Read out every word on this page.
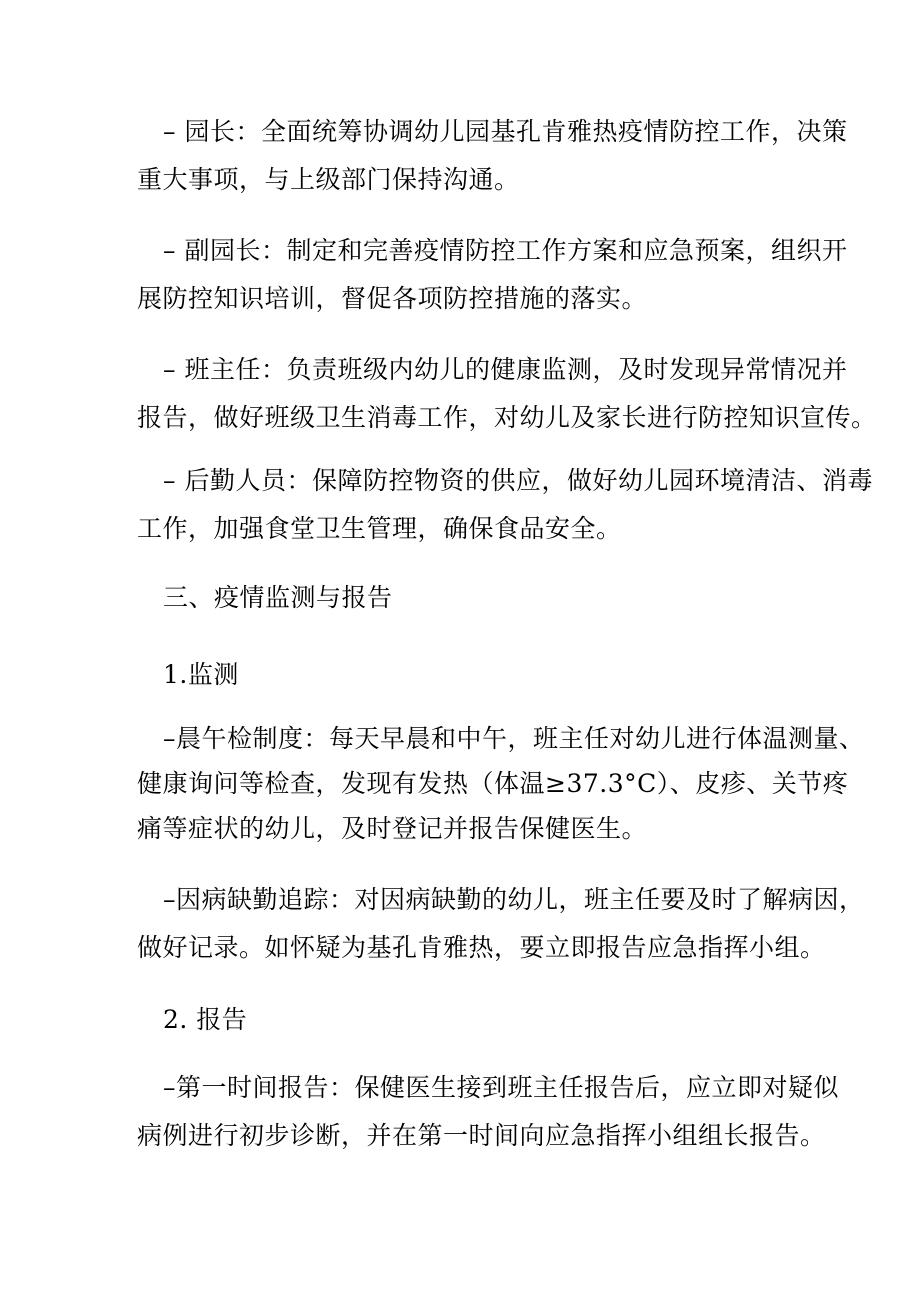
– 园长：全面统筹协调幼儿园基孔肯雅热疫情防控工作，决策
重大事项，与上级部门保持沟通。
– 副园长：制定和完善疫情防控工作方案和应急预案，组织开
展防控知识培训，督促各项防控措施的落实。
– 班主任：负责班级内幼儿的健康监测，及时发现异常情况并
报告，做好班级卫生消毒工作，对幼儿及家长进行防控知识宣传。
– 后勤人员：保障防控物资的供应，做好幼儿园环境清洁、消毒
工作，加强食堂卫生管理，确保食品安全。
三、疫情监测与报告
1.监测
–晨午检制度：每天早晨和中午，班主任对幼儿进行体温测量、
健康询问等检查，发现有发热（体温≥37.3°C）、皮疹、关节疼
痛等症状的幼儿，及时登记并报告保健医生。
–因病缺勤追踪：对因病缺勤的幼儿，班主任要及时了解病因，
做好记录。如怀疑为基孔肯雅热，要立即报告应急指挥小组。
2. 报告
–第一时间报告：保健医生接到班主任报告后，应立即对疑似
病例进行初步诊断，并在第一时间向应急指挥小组组长报告。
